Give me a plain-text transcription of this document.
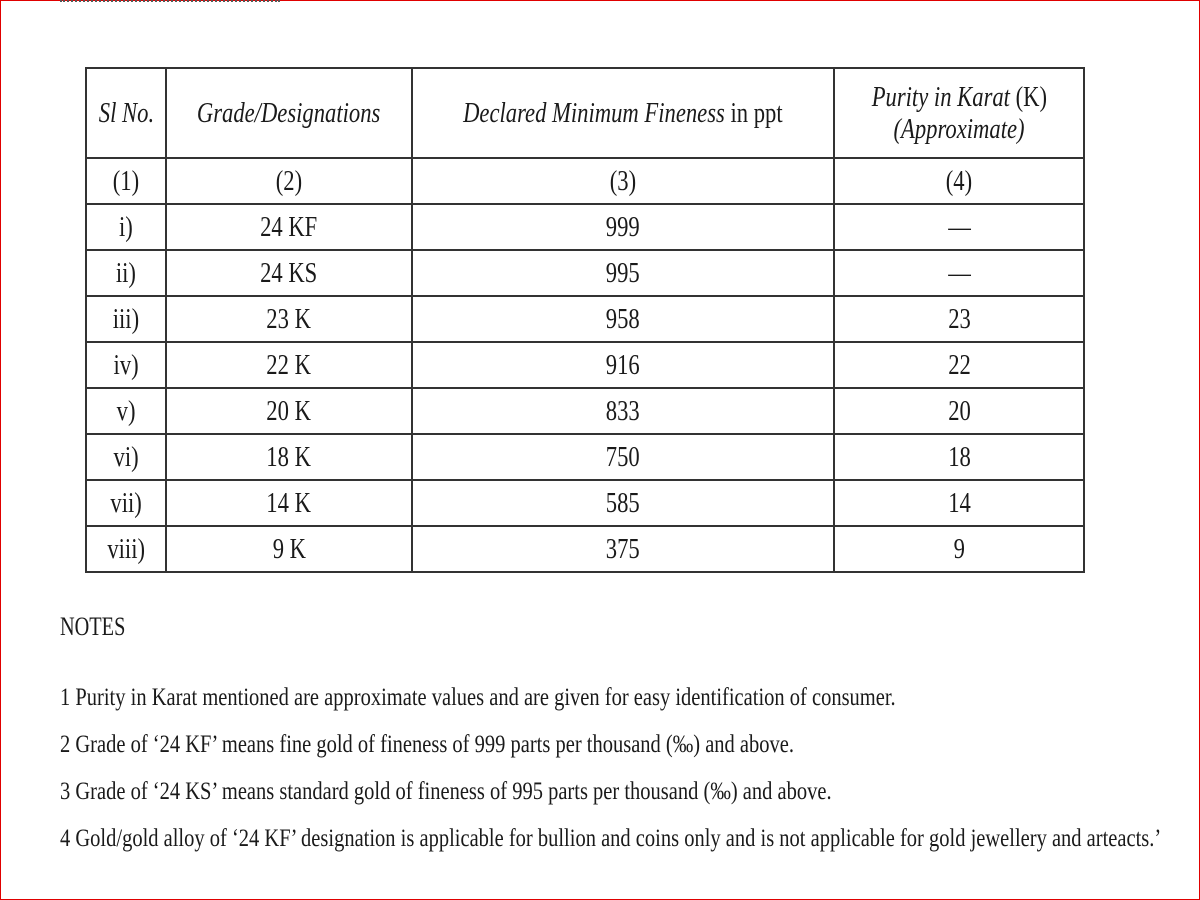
Sl No.	Grade/Designations	Declared Minimum Fineness in ppt	Purity in Karat (K)
(Approximate)
(1)	(2)	(3)	(4)
i)	24 KF	999	—
ii)	24 KS	995	—
iii)	23 K	958	23
iv)	22 K	916	22
v)	20 K	833	20
vi)	18 K	750	18
vii)	14 K	585	14
viii)	9 K	375	9
NOTES
1 Purity in Karat mentioned are approximate values and are given for easy identification of consumer.
2 Grade of ‘24 KF’ means fine gold of fineness of 999 parts per thousand (‰) and above.
3 Grade of ‘24 KS’ means standard gold of fineness of 995 parts per thousand (‰) and above.
4 Gold/gold alloy of ‘24 KF’ designation is applicable for bullion and coins only and is not applicable for gold jewellery and arteacts.’
